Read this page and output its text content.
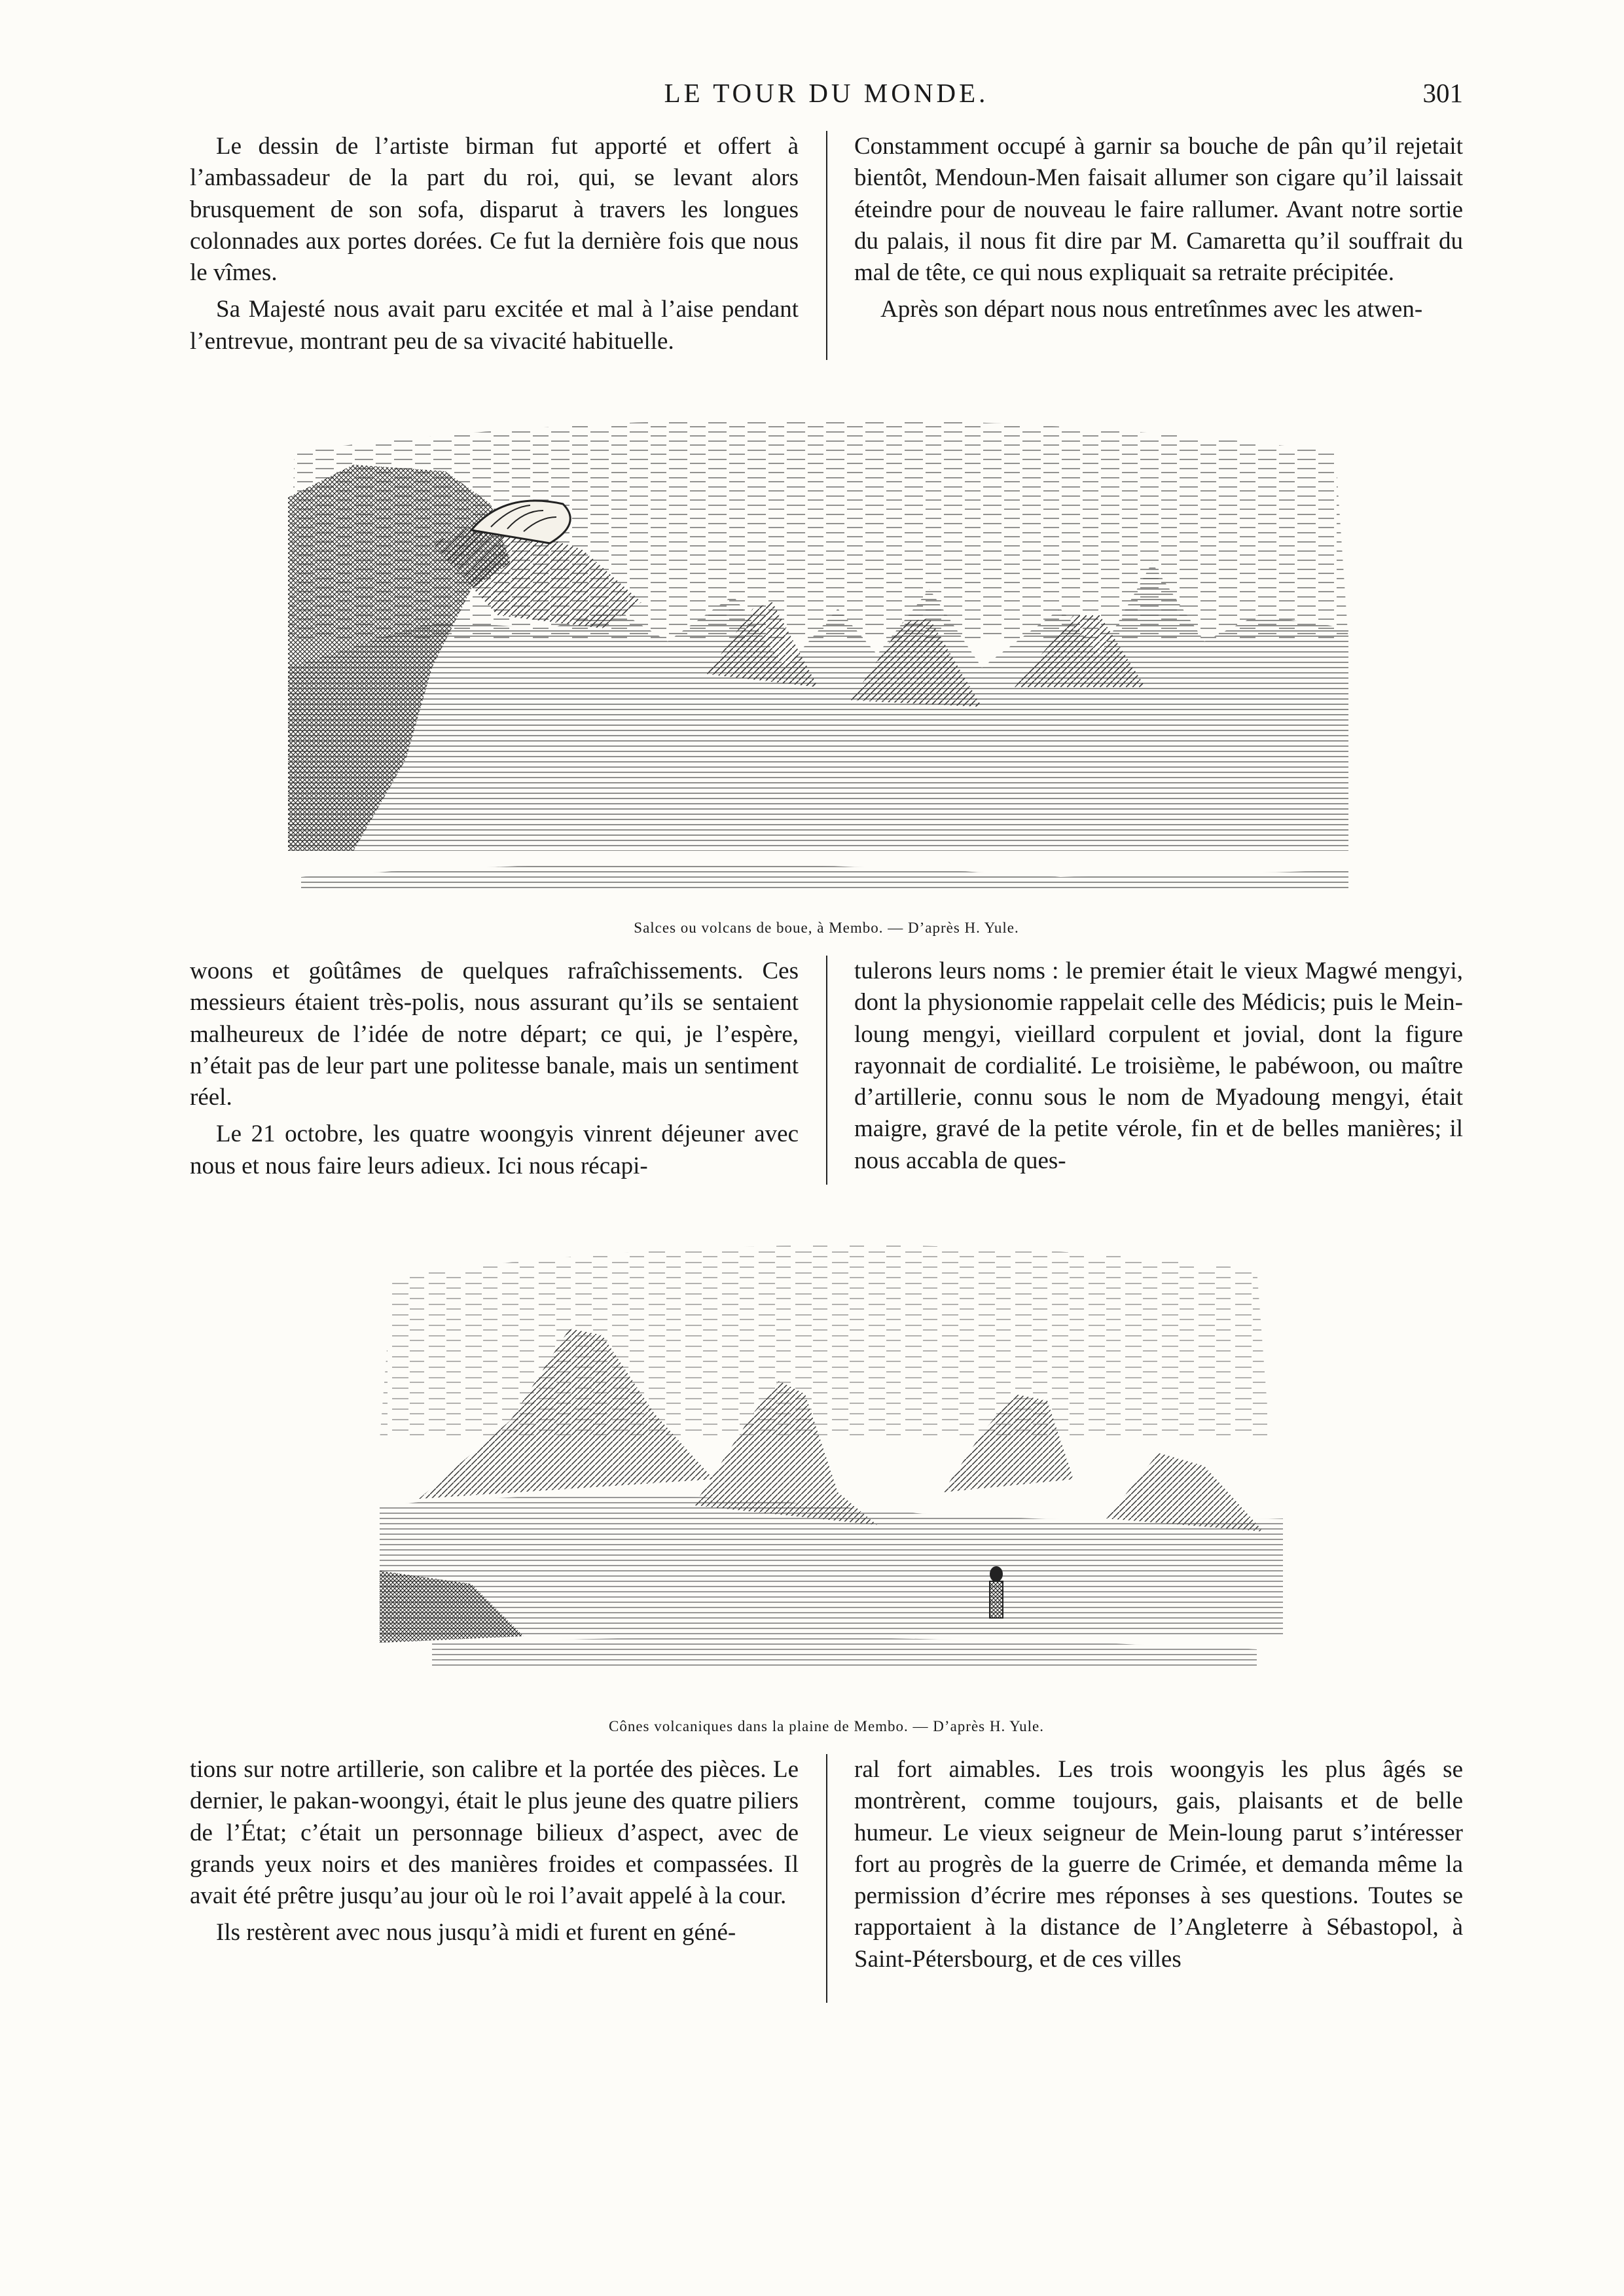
LE TOUR DU MONDE.	301

Le dessin de l’artiste birman fut apporté et offert à l’ambassadeur de la part du roi, qui, se levant alors brusquement de son sofa, disparut à travers les longues colonnades aux portes dorées. Ce fut la dernière fois que nous le vîmes.

Sa Majesté nous avait paru excitée et mal à l’aise pendant l’entrevue, montrant peu de sa vivacité habituelle.

Constamment occupé à garnir sa bouche de pân qu’il rejetait bientôt, Mendoun-Men faisait allumer son cigare qu’il laissait éteindre pour de nouveau le faire rallumer. Avant notre sortie du palais, il nous fit dire par M. Camaretta qu’il souffrait du mal de tête, ce qui nous expliquait sa retraite précipitée.

Après son départ nous nous entretînmes avec les atwen-

Salces ou volcans de boue, à Membo. — D’après H. Yule.

woons et goûtâmes de quelques rafraîchissements. Ces messieurs étaient très-polis, nous assurant qu’ils se sentaient malheureux de l’idée de notre départ; ce qui, je l’espère, n’était pas de leur part une politesse banale, mais un sentiment réel.

Le 21 octobre, les quatre woongyis vinrent déjeuner avec nous et nous faire leurs adieux. Ici nous récapi-

tulerons leurs noms : le premier était le vieux Magwé mengyi, dont la physionomie rappelait celle des Médicis; puis le Mein-loung mengyi, vieillard corpulent et jovial, dont la figure rayonnait de cordialité. Le troisième, le pabéwoon, ou maître d’artillerie, connu sous le nom de Myadoung mengyi, était maigre, gravé de la petite vérole, fin et de belles manières; il nous accabla de ques-

Cônes volcaniques dans la plaine de Membo. — D’après H. Yule.

tions sur notre artillerie, son calibre et la portée des pièces. Le dernier, le pakan-woongyi, était le plus jeune des quatre piliers de l’État; c’était un personnage bilieux d’aspect, avec de grands yeux noirs et des manières froides et compassées. Il avait été prêtre jusqu’au jour où le roi l’avait appelé à la cour.

Ils restèrent avec nous jusqu’à midi et furent en géné-

ral fort aimables. Les trois woongyis les plus âgés se montrèrent, comme toujours, gais, plaisants et de belle humeur. Le vieux seigneur de Mein-loung parut s’intéresser fort au progrès de la guerre de Crimée, et demanda même la permission d’écrire mes réponses à ses questions. Toutes se rapportaient à la distance de l’Angleterre à Sébastopol, à Saint-Pétersbourg, et de ces villes
